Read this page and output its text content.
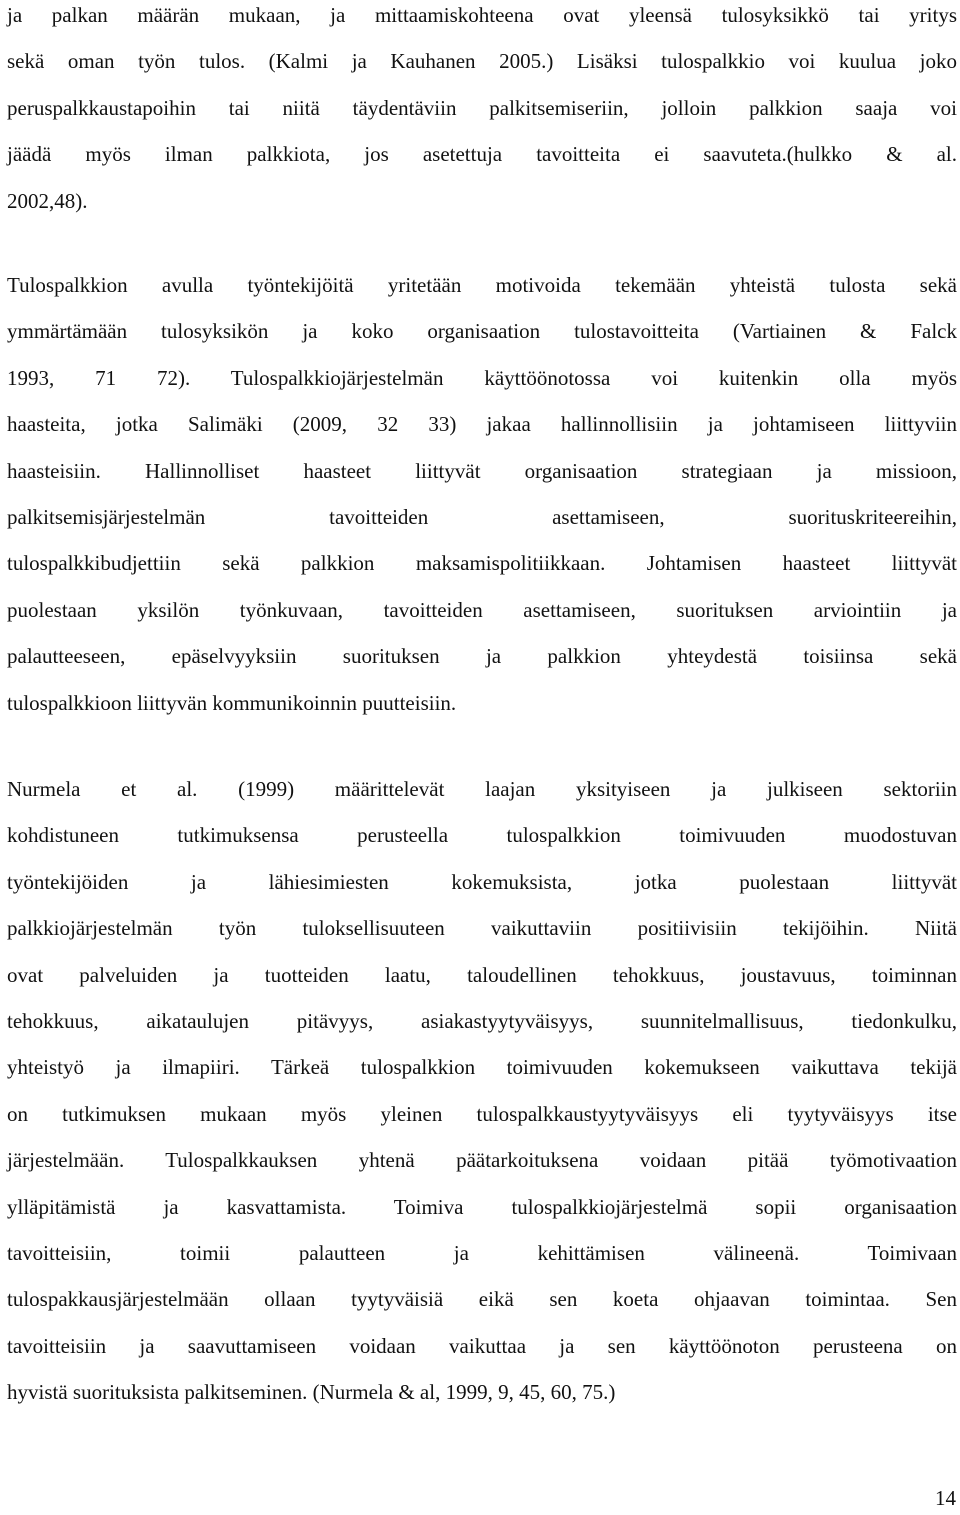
ja palkan määrän mukaan, ja mittaamiskohteena ovat yleensä tulosyksikkö tai yritys
sekä oman työn tulos. (Kalmi ja Kauhanen 2005.) Lisäksi tulospalkkio voi kuulua joko
peruspalkkaustapoihin tai niitä täydentäviin palkitsemiseriin, jolloin palkkion saaja voi
jäädä myös ilman palkkiota, jos asetettuja tavoitteita ei saavuteta.(hulkko & al.
2002,48).
Tulospalkkion avulla työntekijöitä yritetään motivoida tekemään yhteistä tulosta sekä
ymmärtämään tulosyksikön ja koko organisaation tulostavoitteita (Vartiainen & Falck
1993, 71 72). Tulospalkkiojärjestelmän käyttöönotossa voi kuitenkin olla myös
haasteita, jotka Salimäki (2009, 32 33) jakaa hallinnollisiin ja johtamiseen liittyviin
haasteisiin. Hallinnolliset haasteet liittyvät organisaation strategiaan ja missioon,
palkitsemisjärjestelmän tavoitteiden asettamiseen, suorituskriteereihin,
tulospalkkibudjettiin sekä palkkion maksamispolitiikkaan. Johtamisen haasteet liittyvät
puolestaan yksilön työnkuvaan, tavoitteiden asettamiseen, suorituksen arviointiin ja
palautteeseen, epäselvyyksiin suorituksen ja palkkion yhteydestä toisiinsa sekä
tulospalkkioon liittyvän kommunikoinnin puutteisiin.
Nurmela et al. (1999) määrittelevät laajan yksityiseen ja julkiseen sektoriin
kohdistuneen tutkimuksensa perusteella tulospalkkion toimivuuden muodostuvan
työntekijöiden ja lähiesimiesten kokemuksista, jotka puolestaan liittyvät
palkkiojärjestelmän työn tuloksellisuuteen vaikuttaviin positiivisiin tekijöihin. Niitä
ovat palveluiden ja tuotteiden laatu, taloudellinen tehokkuus, joustavuus, toiminnan
tehokkuus, aikataulujen pitävyys, asiakastyytyväisyys, suunnitelmallisuus, tiedonkulku,
yhteistyö ja ilmapiiri. Tärkeä tulospalkkion toimivuuden kokemukseen vaikuttava tekijä
on tutkimuksen mukaan myös yleinen tulospalkkaustyytyväisyys eli tyytyväisyys itse
järjestelmään. Tulospalkkauksen yhtenä päätarkoituksena voidaan pitää työmotivaation
ylläpitämistä ja kasvattamista. Toimiva tulospalkkiojärjestelmä sopii organisaation
tavoitteisiin, toimii palautteen ja kehittämisen välineenä. Toimivaan
tulospakkausjärjestelmään ollaan tyytyväisiä eikä sen koeta ohjaavan toimintaa. Sen
tavoitteisiin ja saavuttamiseen voidaan vaikuttaa ja sen käyttöönoton perusteena on
hyvistä suorituksista palkitseminen. (Nurmela & al, 1999, 9, 45, 60, 75.)
14
